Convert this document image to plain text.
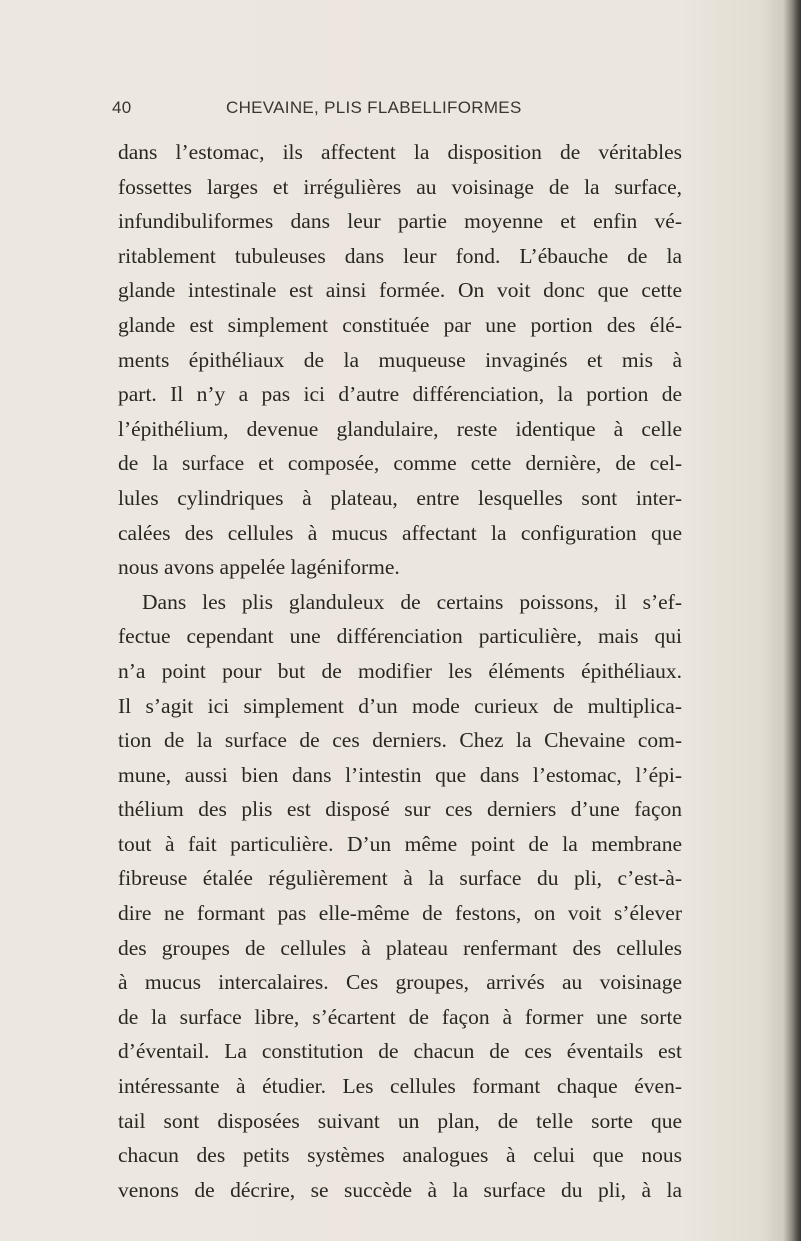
40	CHEVAINE, PLIS FLABELLIFORMES
dans l’estomac, ils affectent la disposition de véritables
fossettes larges et irrégulières au voisinage de la surface,
infundibuliformes dans leur partie moyenne et enfin vé-
ritablement tubuleuses dans leur fond. L’ébauche de la
glande intestinale est ainsi formée. On voit donc que cette
glande est simplement constituée par une portion des élé-
ments épithéliaux de la muqueuse invaginés et mis à
part. Il n’y a pas ici d’autre différenciation, la portion de
l’épithélium, devenue glandulaire, reste identique à celle
de la surface et composée, comme cette dernière, de cel-
lules cylindriques à plateau, entre lesquelles sont inter-
calées des cellules à mucus affectant la configuration que
nous avons appelée lagéniforme.
Dans les plis glanduleux de certains poissons, il s’ef-
fectue cependant une différenciation particulière, mais qui
n’a point pour but de modifier les éléments épithéliaux.
Il s’agit ici simplement d’un mode curieux de multiplica-
tion de la surface de ces derniers. Chez la Chevaine com-
mune, aussi bien dans l’intestin que dans l’estomac, l’épi-
thélium des plis est disposé sur ces derniers d’une façon
tout à fait particulière. D’un même point de la membrane
fibreuse étalée régulièrement à la surface du pli, c’est-à-
dire ne formant pas elle-même de festons, on voit s’élever
des groupes de cellules à plateau renfermant des cellules
à mucus intercalaires. Ces groupes, arrivés au voisinage
de la surface libre, s’écartent de façon à former une sorte
d’éventail. La constitution de chacun de ces éventails est
intéressante à étudier. Les cellules formant chaque éven-
tail sont disposées suivant un plan, de telle sorte que
chacun des petits systèmes analogues à celui que nous
venons de décrire, se succède à la surface du pli, à la
